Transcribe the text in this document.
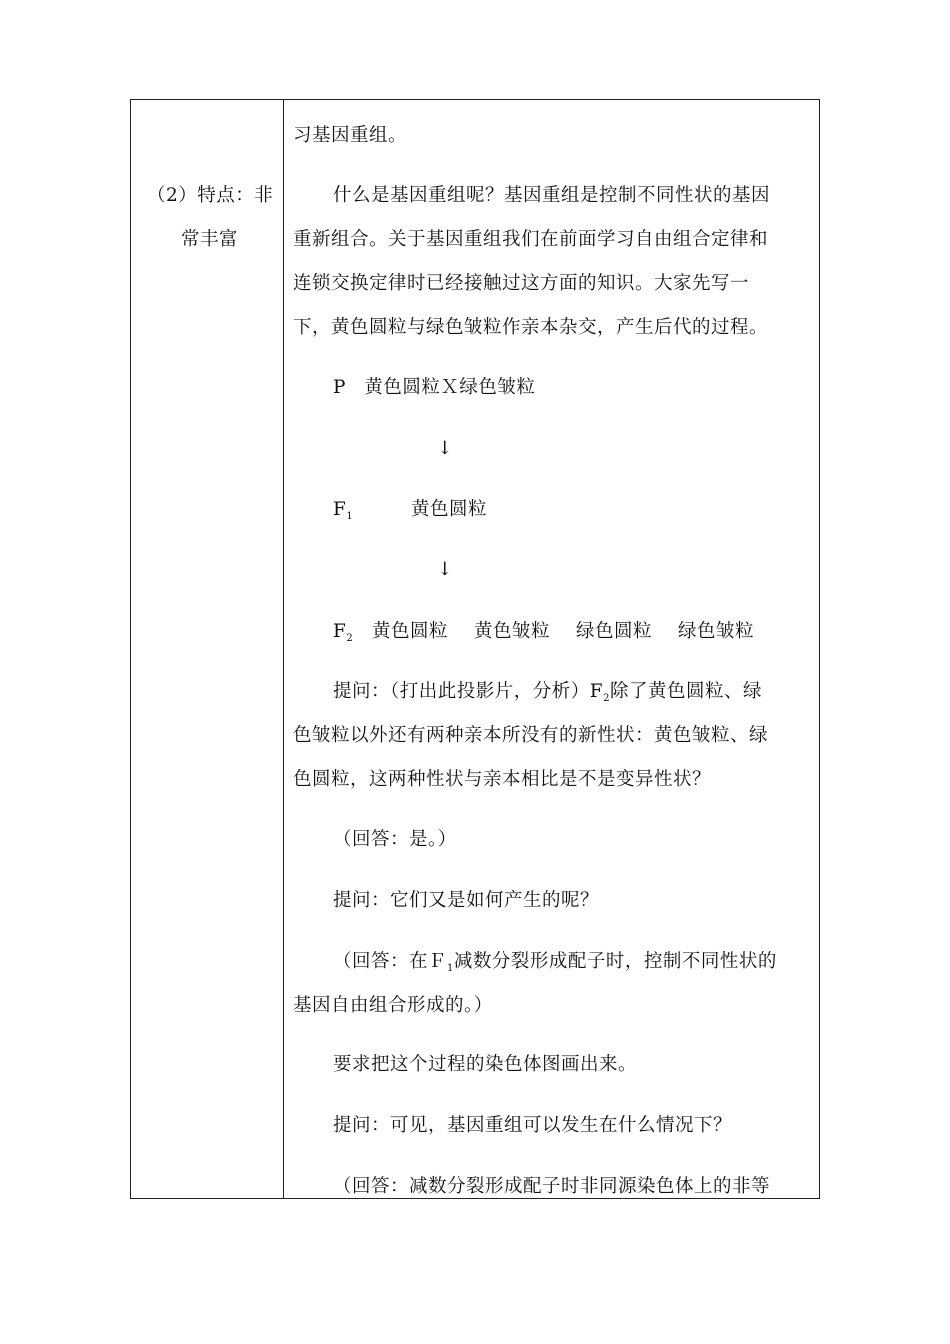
（2）特点：非
常丰富
习基因重组。
什么是基因重组呢？基因重组是控制不同性状的基因
重新组合。关于基因重组我们在前面学习自由组合定律和
连锁交换定律时已经接触过这方面的知识。大家先写一
下，黄色圆粒与绿色皱粒作亲本杂交，产生后代的过程。
P 黄色圆粒Ｘ绿色皱粒
↓
$F_1$	黄色圆粒
↓
$F_2$ 黄色圆粒 黄色皱粒 绿色圆粒 绿色皱粒
提问：（打出此投影片，分析）$F_2$除了黄色圆粒、绿
色皱粒以外还有两种亲本所没有的新性状：黄色皱粒、绿
色圆粒，这两种性状与亲本相比是不是变异性状？
（回答：是。）
提问：它们又是如何产生的呢？
（回答：在Ｆ$_1$减数分裂形成配子时，控制不同性状的
基因自由组合形成的。）
要求把这个过程的染色体图画出来。
提问：可见，基因重组可以发生在什么情况下？
（回答：减数分裂形成配子时非同源染色体上的非等
